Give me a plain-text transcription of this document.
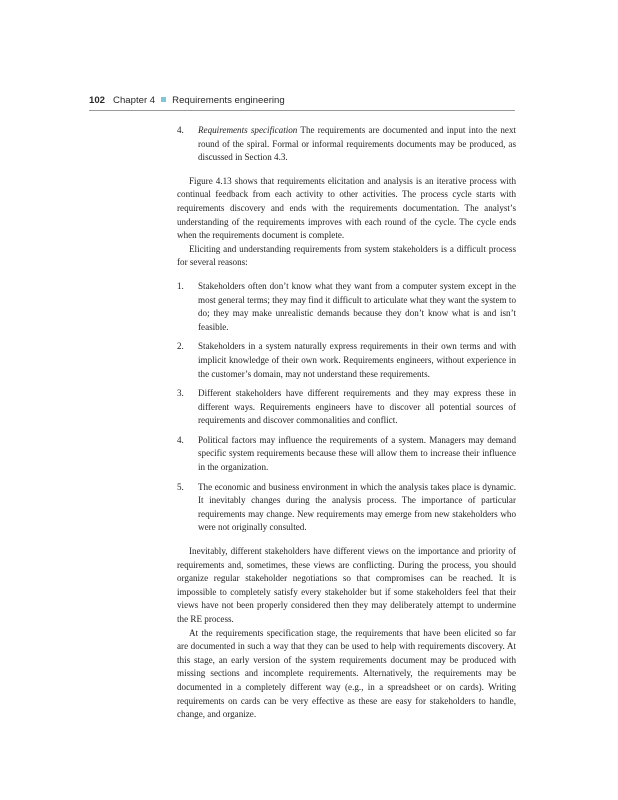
102 Chapter 4 Requirements engineering
4. Requirements specification The requirements are documented and input into the next round of the spiral. Formal or informal requirements documents may be produced, as discussed in Section 4.3.

Figure 4.13 shows that requirements elicitation and analysis is an iterative process with continual feedback from each activity to other activities. The process cycle starts with requirements discovery and ends with the requirements documentation. The analyst’s understanding of the requirements improves with each round of the cycle. The cycle ends when the requirements document is complete.

Eliciting and understanding requirements from system stakeholders is a difficult process for several reasons:

1. Stakeholders often don’t know what they want from a computer system except in the most general terms; they may find it difficult to articulate what they want the system to do; they may make unrealistic demands because they don’t know what is and isn’t feasible.
2. Stakeholders in a system naturally express requirements in their own terms and with implicit knowledge of their own work. Requirements engineers, without experience in the customer’s domain, may not understand these requirements.
3. Different stakeholders have different requirements and they may express these in different ways. Requirements engineers have to discover all potential sources of requirements and discover commonalities and conflict.
4. Political factors may influence the requirements of a system. Managers may demand specific system requirements because these will allow them to increase their influence in the organization.
5. The economic and business environment in which the analysis takes place is dynamic. It inevitably changes during the analysis process. The importance of particular requirements may change. New requirements may emerge from new stakeholders who were not originally consulted.

Inevitably, different stakeholders have different views on the importance and priority of requirements and, sometimes, these views are conflicting. During the process, you should organize regular stakeholder negotiations so that compromises can be reached. It is impossible to completely satisfy every stakeholder but if some stakeholders feel that their views have not been properly considered then they may deliberately attempt to undermine the RE process.

At the requirements specification stage, the requirements that have been elicited so far are documented in such a way that they can be used to help with requirements discovery. At this stage, an early version of the system requirements document may be produced with missing sections and incomplete requirements. Alternatively, the requirements may be documented in a completely different way (e.g., in a spreadsheet or on cards). Writing requirements on cards can be very effective as these are easy for stakeholders to handle, change, and organize.
